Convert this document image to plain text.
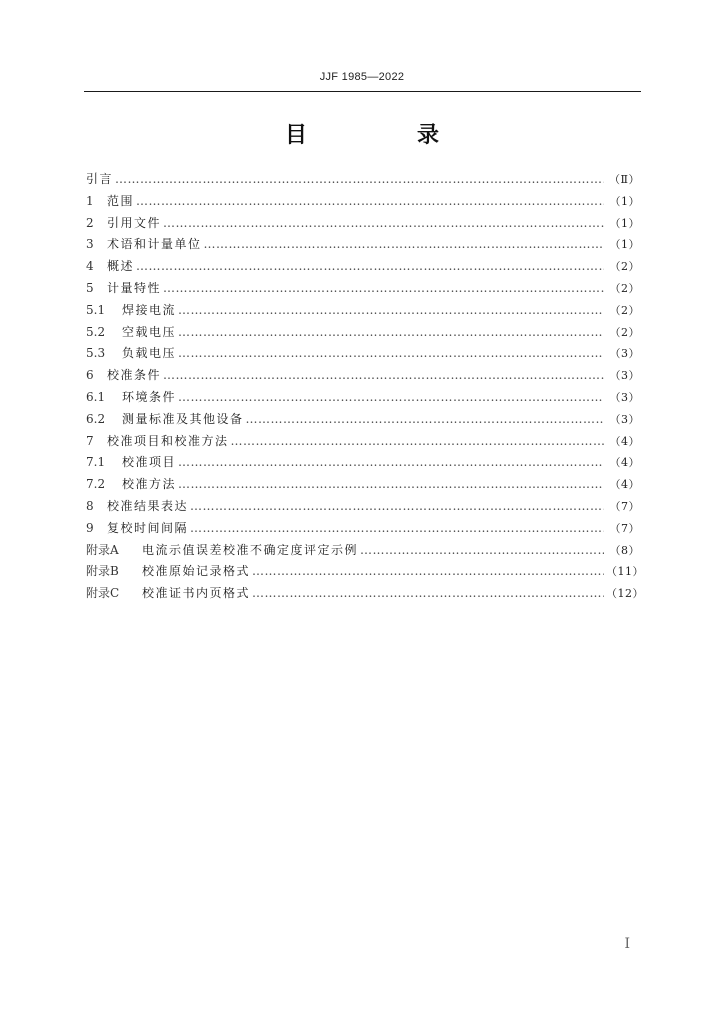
JJF 1985—2022
目　录
引言 …………………………………………………………………………………………………………………………………………………………………………………………………………	（Ⅱ）
1	范围 …………………………………………………………………………………………………………………………………………………………………………………………………………	（1）
2	引用文件 …………………………………………………………………………………………………………………………………………………………………………………………………………	（1）
3	术语和计量单位 …………………………………………………………………………………………………………………………………………………………………………………………………………	（1）
4	概述 …………………………………………………………………………………………………………………………………………………………………………………………………………	（2）
5	计量特性 …………………………………………………………………………………………………………………………………………………………………………………………………………	（2）
5.1	焊接电流 …………………………………………………………………………………………………………………………………………………………………………………………………………	（2）
5.2	空载电压 …………………………………………………………………………………………………………………………………………………………………………………………………………	（2）
5.3	负载电压 …………………………………………………………………………………………………………………………………………………………………………………………………………	（3）
6	校准条件 …………………………………………………………………………………………………………………………………………………………………………………………………………	（3）
6.1	环境条件 …………………………………………………………………………………………………………………………………………………………………………………………………………	（3）
6.2	测量标准及其他设备 …………………………………………………………………………………………………………………………………………………………………………………………………………	（3）
7	校准项目和校准方法 …………………………………………………………………………………………………………………………………………………………………………………………………………	（4）
7.1	校准项目 …………………………………………………………………………………………………………………………………………………………………………………………………………	（4）
7.2	校准方法 …………………………………………………………………………………………………………………………………………………………………………………………………………	（4）
8	校准结果表达 …………………………………………………………………………………………………………………………………………………………………………………………………………	（7）
9	复校时间间隔 …………………………………………………………………………………………………………………………………………………………………………………………………………	（7）
附录A	电流示值误差校准不确定度评定示例 …………………………………………………………………………………………………………………………………………………………………………………………………………	（8）
附录B	校准原始记录格式 …………………………………………………………………………………………………………………………………………………………………………………………………………	（11）
附录C	校准证书内页格式 …………………………………………………………………………………………………………………………………………………………………………………………………………	（12）
I
